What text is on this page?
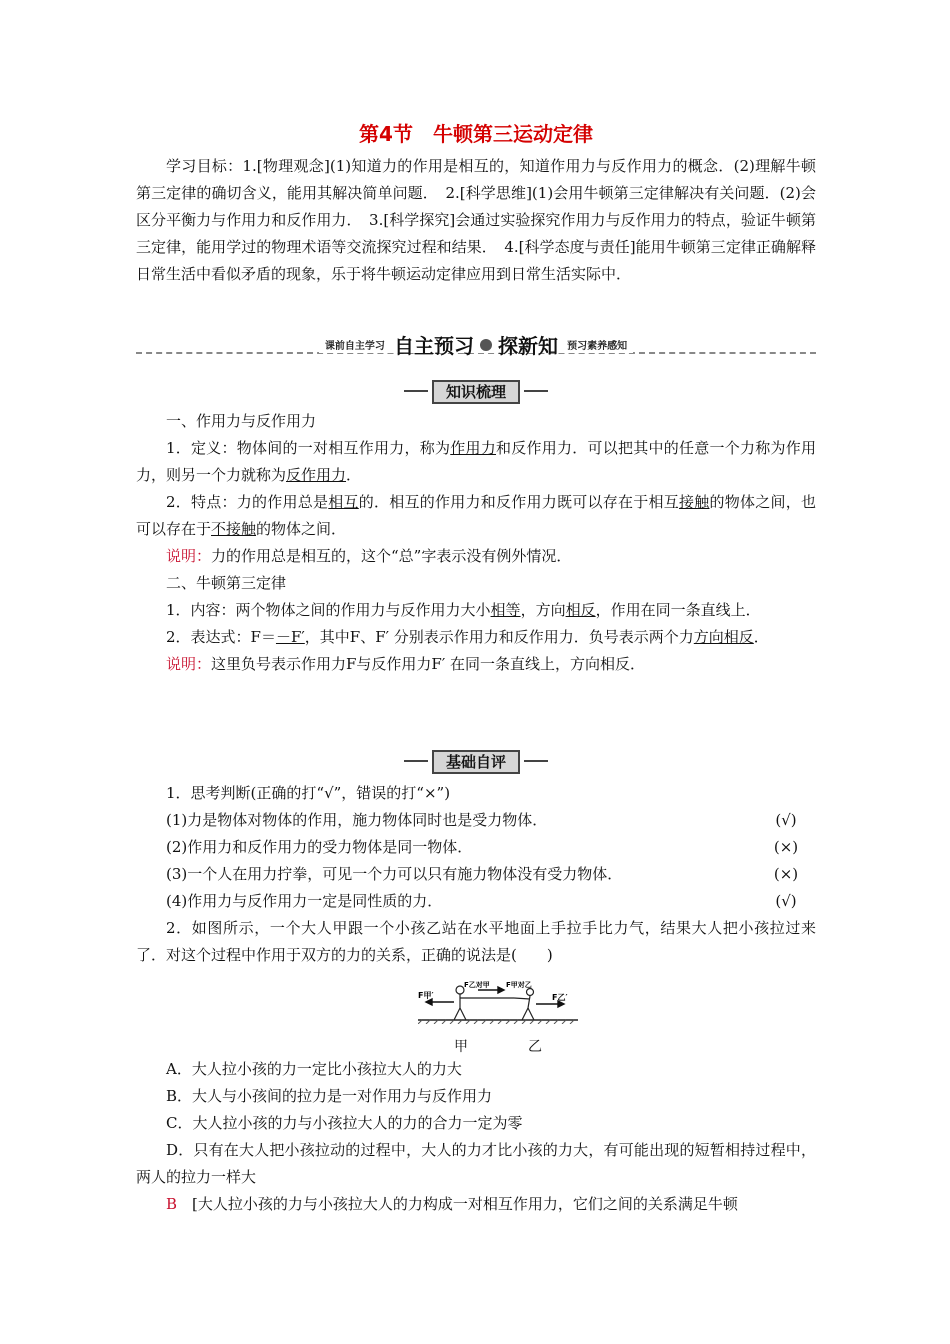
第4节　牛顿第三运动定律

学习目标：1.[物理观念](1)知道力的作用是相互的，知道作用力与反作用力的概念．(2)理解牛顿第三定律的确切含义，能用其解决简单问题．　2.[科学思维](1)会用牛顿第三定律解决有关问题．(2)会区分平衡力与作用力和反作用力．　3.[科学探究]会通过实验探究作用力与反作用力的特点，验证牛顿第三定律，能用学过的物理术语等交流探究过程和结果．　4.[科学态度与责任]能用牛顿第三定律正确解释日常生活中看似矛盾的现象，乐于将牛顿运动定律应用到日常生活实际中．

课前自主学习 自主预习 探新知 预习素养感知
知识梳理

一、作用力与反作用力

1．定义：物体间的一对相互作用力，称为作用力和反作用力．可以把其中的任意一个力称为作用力，则另一个力就称为反作用力．

2．特点：力的作用总是相互的．相互的作用力和反作用力既可以存在于相互接触的物体之间，也可以存在于不接触的物体之间．

说明：力的作用总是相互的，这个“总”字表示没有例外情况．

二、牛顿第三定律

1．内容：两个物体之间的作用力与反作用力大小相等，方向相反，作用在同一条直线上．

2．表达式：F＝－F′，其中F、F′ 分别表示作用力和反作用力．负号表示两个力方向相反．

说明：这里负号表示作用力F与反作用力F′ 在同一条直线上，方向相反．

基础自评

1．思考判断(正确的打“√”，错误的打“×”)

(1)力是物体对物体的作用，施力物体同时也是受力物体．	(√)
(2)作用力和反作用力的受力物体是同一物体．	(×)
(3)一个人在用力拧拳，可见一个力可以只有施力物体没有受力物体．	(×)
(4)作用力与反作用力一定是同性质的力．	(√)

2．如图所示，一个大人甲跟一个小孩乙站在水平地面上手拉手比力气，结果大人把小孩拉过来了．对这个过程中作用于双方的力的关系，正确的说法是(　　)

F甲′
F乙对甲 F甲对乙
F乙′
甲	乙

A．大人拉小孩的力一定比小孩拉大人的力大

B．大人与小孩间的拉力是一对作用力与反作用力

C．大人拉小孩的力与小孩拉大人的力的合力一定为零

D．只有在大人把小孩拉动的过程中，大人的力才比小孩的力大，有可能出现的短暂相持过程中，两人的拉力一样大

B　 [大人拉小孩的力与小孩拉大人的力构成一对相互作用力，它们之间的关系满足牛顿
